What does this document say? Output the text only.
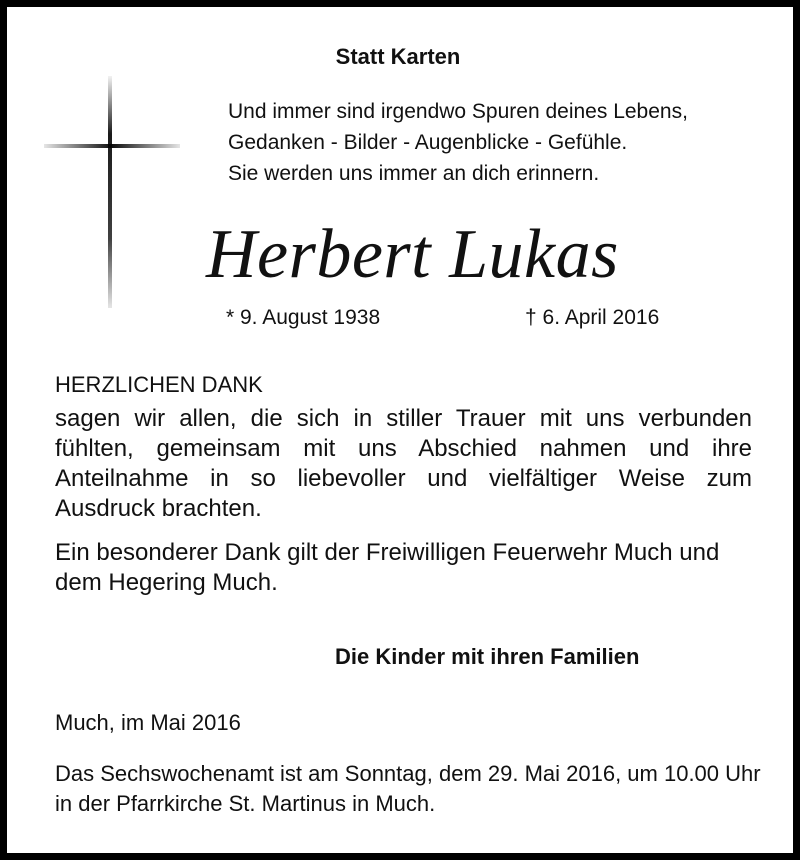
Statt Karten
Und immer sind irgendwo Spuren deines Lebens,
Gedanken - Bilder - Augenblicke - Gefühle.
Sie werden uns immer an dich erinnern.
Herbert Lukas
* 9. August 1938	† 6. April 2016
HERZLICHEN DANK
sagen wir allen, die sich in stiller Trauer mit uns verbunden fühlten, gemeinsam mit uns Abschied nahmen und ihre Anteilnahme in so liebevoller und vielfältiger Weise zum Ausdruck brachten.
Ein besonderer Dank gilt der Freiwilligen Feuerwehr Much und dem Hegering Much.
Die Kinder mit ihren Familien
Much, im Mai 2016
Das Sechswochenamt ist am Sonntag, dem 29. Mai 2016, um 10.00 Uhr in der Pfarrkirche St. Martinus in Much.
